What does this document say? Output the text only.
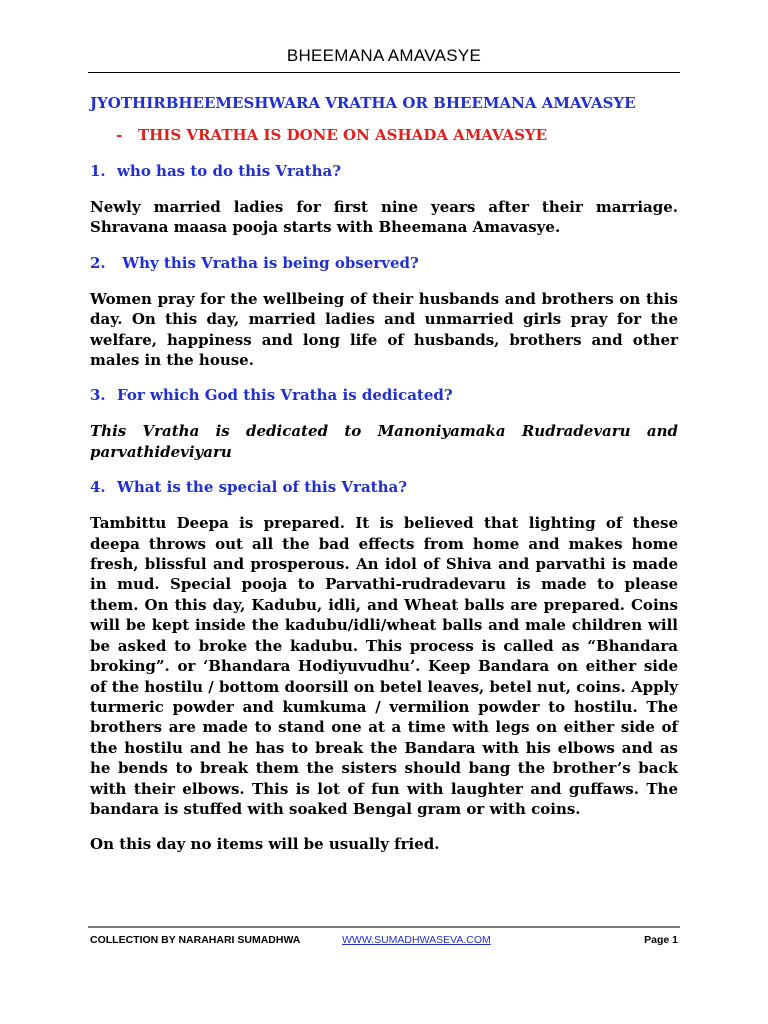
BHEEMANA AMAVASYE

JYOTHIRBHEEMESHWARA VRATHA OR BHEEMANA AMAVASYE

- THIS VRATHA IS DONE ON ASHADA AMAVASYE

1. who has to do this Vratha?

Newly married ladies for first nine years after their marriage. Shravana maasa pooja starts with Bheemana Amavasye.

2. Why this Vratha is being observed?

Women pray for the wellbeing of their husbands and brothers on this day. On this day, married ladies and unmarried girls pray for the welfare, happiness and long life of husbands, brothers and other males in the house.

3. For which God this Vratha is dedicated?

This Vratha is dedicated to Manoniyamaka Rudradevaru and parvathideviyaru

4. What is the special of this Vratha?

Tambittu Deepa is prepared. It is believed that lighting of these deepa throws out all the bad effects from home and makes home fresh, blissful and prosperous. An idol of Shiva and parvathi is made in mud. Special pooja to Parvathi-rudradevaru is made to please them. On this day, Kadubu, idli, and Wheat balls are prepared. Coins will be kept inside the kadubu/idli/wheat balls and male children will be asked to broke the kadubu. This process is called as “Bhandara broking”. or ‘Bhandara Hodiyuvudhu’. Keep Bandara on either side of the hostilu / bottom doorsill on betel leaves, betel nut, coins. Apply turmeric powder and kumkuma / vermilion powder to hostilu. The brothers are made to stand one at a time with legs on either side of the hostilu and he has to break the Bandara with his elbows and as he bends to break them the sisters should bang the brother’s back with their elbows. This is lot of fun with laughter and guffaws. The bandara is stuffed with soaked Bengal gram or with coins.

On this day no items will be usually fried.

COLLECTION BY NARAHARI SUMADHWA	WWW.SUMADHWASEVA.COM	Page 1
